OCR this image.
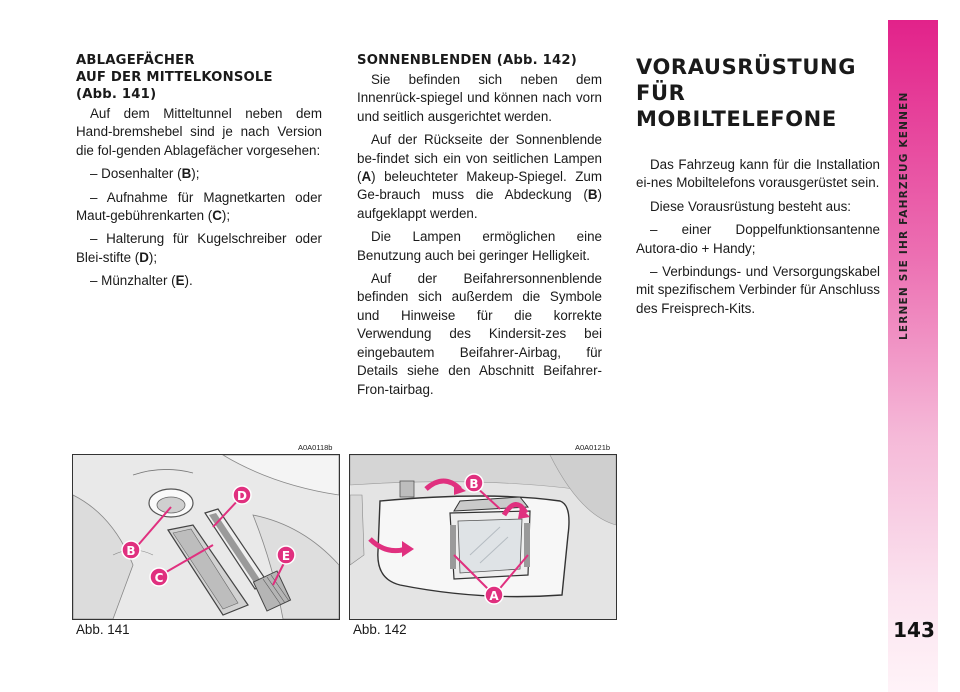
ABLAGEFÄCHER
AUF DER MITTELKONSOLE
(Abb. 141)

Auf dem Mitteltunnel neben dem Hand-bremshebel sind je nach Version die fol-genden Ablagefächer vorgesehen:

– Dosenhalter (B);

– Aufnahme für Magnetkarten oder Maut-gebührenkarten (C);

– Halterung für Kugelschreiber oder Blei-stifte (D);

– Münzhalter (E).

SONNENBLENDEN (Abb. 142)

Sie befinden sich neben dem Innenrück-spiegel und können nach vorn und seitlich ausgerichtet werden.

Auf der Rückseite der Sonnenblende be-findet sich ein von seitlichen Lampen (A) beleuchteter Makeup-Spiegel. Zum Ge-brauch muss die Abdeckung (B) aufgeklappt werden.

Die Lampen ermöglichen eine Benutzung auch bei geringer Helligkeit.

Auf der Beifahrersonnenblende befinden sich außerdem die Symbole und Hinweise für die korrekte Verwendung des Kindersit-zes bei eingebautem Beifahrer-Airbag, für Details siehe den Abschnitt Beifahrer-Fron-tairbag.

VORAUSRÜSTUNG
FÜR MOBILTELEFONE

Das Fahrzeug kann für die Installation ei-nes Mobiltelefons vorausgerüstet sein.

Diese Vorausrüstung besteht aus:

– einer Doppelfunktionsantenne Autora-dio + Handy;

– Verbindungs- und Versorgungskabel mit spezifischem Verbinder für Anschluss des Freisprech-Kits.	LERNEN SIE IHR FAHRZEUG KENNEN
143
A0A0118b
B
C
D
E
Abb. 141
A0A0121b
B
A
Abb. 142
